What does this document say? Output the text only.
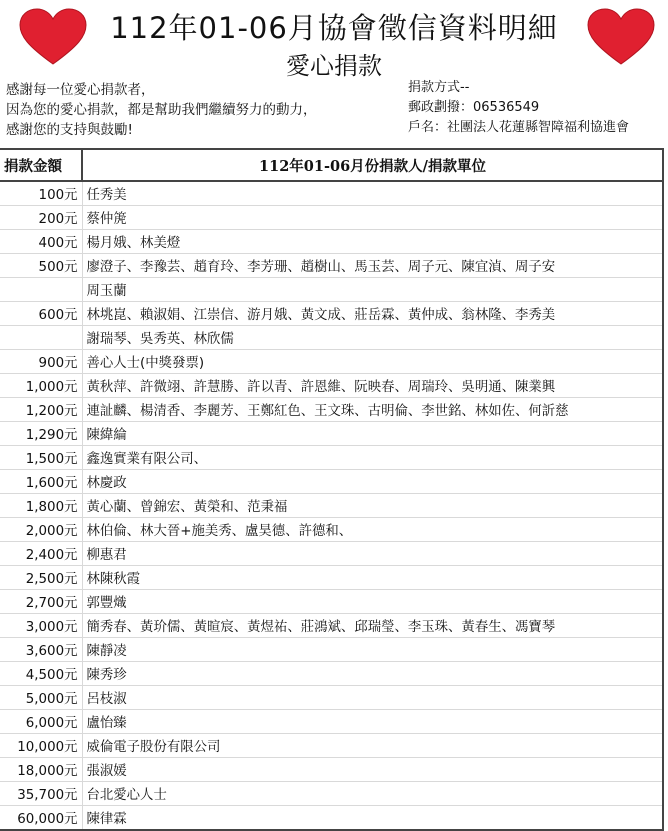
112年01-06月協會徵信資料明細
愛心捐款
感謝每一位愛心捐款者，
因為您的愛心捐款，都是幫助我們繼續努力的動力，
感謝您的支持與鼓勵!
捐款方式--
郵政劃撥：06536549
戶名：社團法人花蓮縣智障福利協進會
捐款金額	112年01-06月份捐款人/捐款單位
100元	任秀美
200元	蔡仲箎
400元	楊月娥、林美燈
500元	廖澄子、李豫芸、趙育玲、李芳珊、趙樹山、馬玉芸、周子元、陳宜湞、周子安
	周玉蘭
600元	林垗崑、賴淑娟、江崇信、游月娥、黃文成、莊岳霖、黃仲成、翁林隆、李秀美
	謝瑞琴、吳秀英、林欣儒
900元	善心人士(中獎發票)
1,000元	黃秋萍、許微翊、許慧勝、許以青、許恩維、阮映春、周瑞玲、吳明通、陳業興
1,200元	連訨麟、楊清香、李麗芳、王鄭紅色、王文珠、古明倫、李世銘、林如佐、何訢慈
1,290元	陳緯綸
1,500元	鑫逸實業有限公司、
1,600元	林慶政
1,800元	黃心蘭、曾錦宏、黃榮和、范秉福
2,000元	林伯倫、林大晉+施美秀、盧昊德、許德和、
2,400元	柳惠君
2,500元	林陳秋霞
2,700元	郭豐熾
3,000元	簡秀春、黃玠儒、黃暄宸、黃煜祐、莊鴻斌、邱瑞瑩、李玉珠、黃春生、馮寶琴
3,600元	陳靜凌
4,500元	陳秀珍
5,000元	呂枝淑
6,000元	盧怡臻
10,000元	威倫電子股份有限公司
18,000元	張淑媛
35,700元	台北愛心人士
60,000元	陳律霖
